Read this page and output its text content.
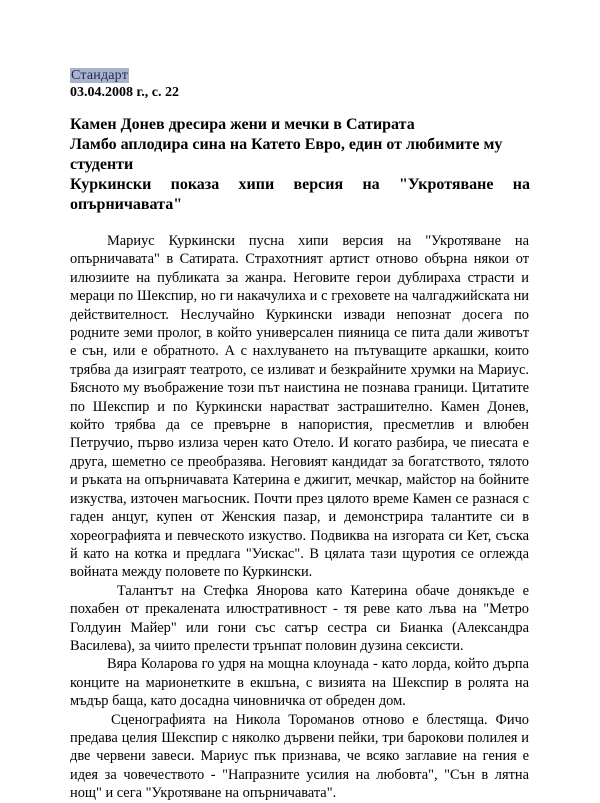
Стандарт
03.04.2008 г., с. 22

Камен Донев дресира жени и мечки в Сатирата

Ламбо аплодира сина на Катето Евро, един от любимите му студенти

Куркински показа хипи версия на "Укротяване на опърничавата"

Мариус Куркински пусна хипи версия на "Укротяване на опърничавата" в Сатирата. Страхотният артист отново обърна някои от илюзиите на публиката за жанра. Неговите герои дублираха страсти и мераци по Шекспир, но ги накачулиха и с греховете на чалгаджийската ни действителност. Неслучайно Куркински извади непознат досега по родните земи пролог, в който универсален пияница се пита дали животът е сън, или е обратното. А с нахлуването на пътуващите аркашки, които трябва да изиграят театрото, се изливат и безкрайните хрумки на Мариус. Бясното му въображение този път наистина не познава граници. Цитатите по Шекспир и по Куркински нарастват застрашително. Камен Донев, който трябва да се превърне в напористия, пресметлив и влюбен Петручио, първо излиза черен като Отело. И когато разбира, че пиесата е друга, шеметно се преобразява. Неговият кандидат за богатството, тялото и ръката на опърничавата Катерина е джигит, мечкар, майстор на бойните изкуства, източен магьосник. Почти през цялото време Камен се разнася с гаден анцуг, купен от Женския пазар, и демонстрира талантите си в хореографията и певческото изкуство. Подвиква на изгората си Кет, съска й като на котка и предлага "Уискас". В цялата тази щуротия се оглежда войната между половете по Куркински.

Талантът на Стефка Янорова като Катерина обаче донякъде е похабен от прекалената илюстративност - тя реве като лъва на "Метро Голдуин Майер" или гони със сатър сестра си Бианка (Александра Василева), за чиито прелести трънпат половин дузина сексисти.

Вяра Коларова го удря на мощна клоунада - като лорда, който дърпа конците на марионетките в екшъна, с визията на Шекспир в ролята на мъдър баща, като досадна чиновничка от обреден дом.

Сценографията на Никола Тороманов отново е блестяща. Фичо предава целия Шекспир с няколко дървени пейки, три барокови полилея и две червени завеси. Мариус пък признава, че всяко заглавие на гения е идея за човечеството - "Напразните усилия на любовта", "Сън в лятна нощ" и сега "Укротяване на опърничавата".
